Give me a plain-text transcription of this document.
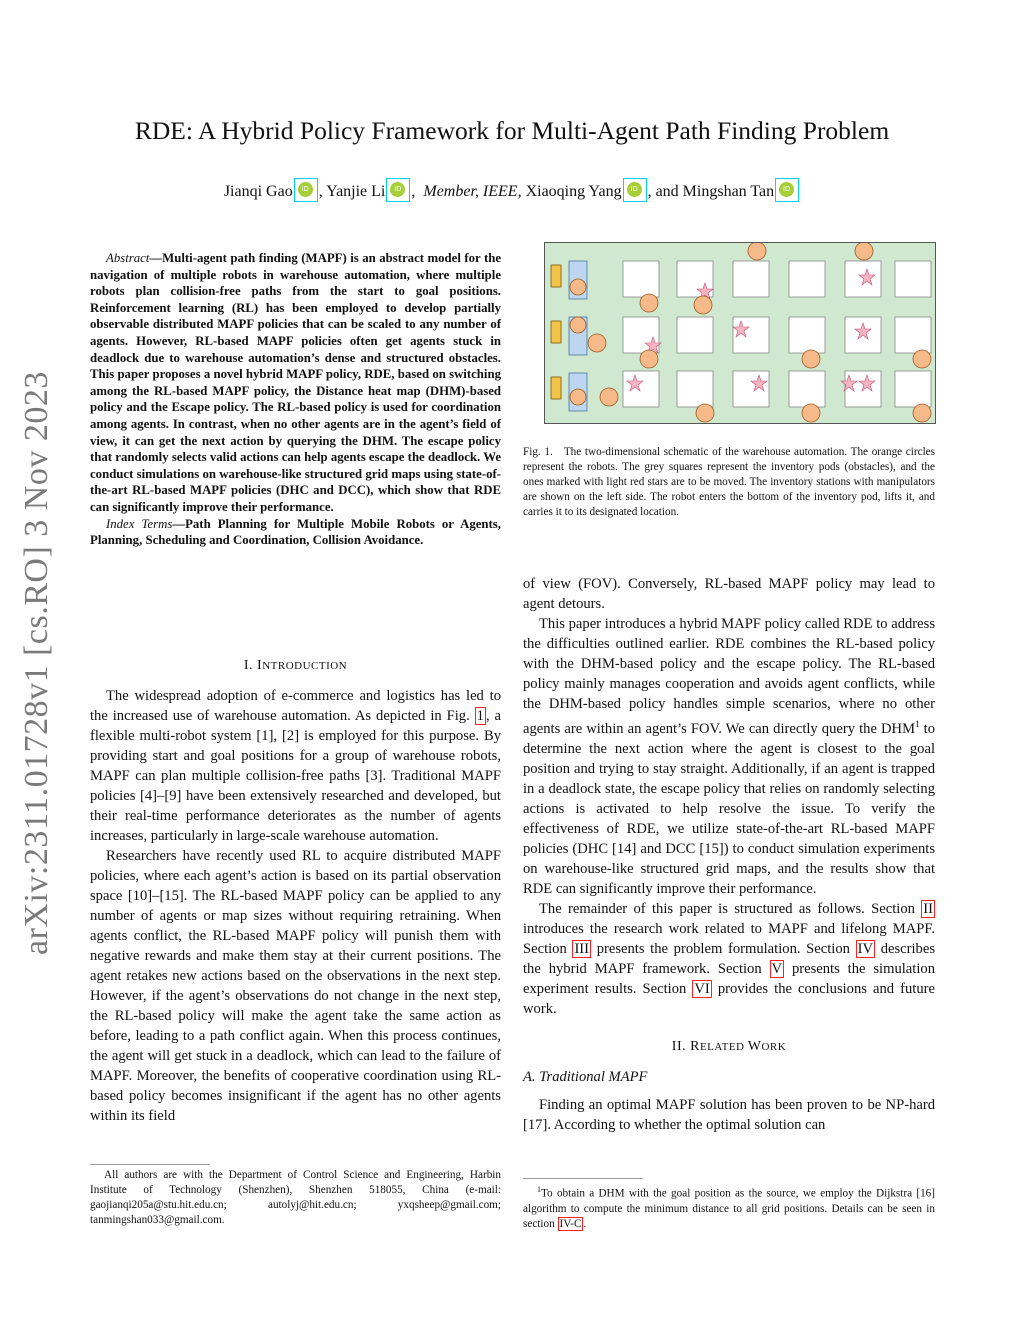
arXiv:2311.01728v1 [cs.RO] 3 Nov 2023
RDE: A Hybrid Policy Framework for Multi-Agent Path Finding Problem
Jianqi Gao iD , Yanjie Li iD ,  Member, IEEE, Xiaoqing Yang iD , and Mingshan TaniD

Abstract—Multi-agent path finding (MAPF) is an abstract model for the navigation of multiple robots in warehouse automation, where multiple robots plan collision-free paths from the start to goal positions. Reinforcement learning (RL) has been employed to develop partially observable distributed MAPF policies that can be scaled to any number of agents. However, RL-based MAPF policies often get agents stuck in deadlock due to warehouse automation’s dense and structured obstacles. This paper proposes a novel hybrid MAPF policy, RDE, based on switching among the RL-based MAPF policy, the Distance heat map (DHM)-based policy and the Escape policy. The RL-based policy is used for coordination among agents. In contrast, when no other agents are in the agent’s field of view, it can get the next action by querying the DHM. The escape policy that randomly selects valid actions can help agents escape the deadlock. We conduct simulations on warehouse-like structured grid maps using state-of-the-art RL-based MAPF policies (DHC and DCC), which show that RDE can significantly improve their performance.

Index Terms—Path Planning for Multiple Mobile Robots or Agents, Planning, Scheduling and Coordination, Collision Avoidance.

I. INTRODUCTION

The widespread adoption of e-commerce and logistics has led to the increased use of warehouse automation. As depicted in Fig. 1 , a flexible multi-robot system [1], [2] is employed for this purpose. By providing start and goal positions for a group of warehouse robots, MAPF can plan multiple collision-free paths [3]. Traditional MAPF policies [4]–[9] have been extensively researched and developed, but their real-time performance deteriorates as the number of agents increases, particularly in large-scale warehouse automation.

Researchers have recently used RL to acquire distributed MAPF policies, where each agent’s action is based on its partial observation space [10]–[15]. The RL-based MAPF policy can be applied to any number of agents or map sizes without requiring retraining. When agents conflict, the RL-based MAPF policy will punish them with negative rewards and make them stay at their current positions. The agent retakes new actions based on the observations in the next step. However, if the agent’s observations do not change in the next step, the RL-based policy will make the agent take the same action as before, leading to a path conflict again. When this process continues, the agent will get stuck in a deadlock, which can lead to the failure of MAPF. Moreover, the benefits of cooperative coordination using RL-based policy becomes insignificant if the agent has no other agents within its field

All authors are with the Department of Control Science and Engineering, Harbin Institute of Technology (Shenzhen), Shenzhen 518055, China (e-mail: gaojianqi205a@stu.hit.edu.cn; autolyj@hit.edu.cn; yxqsheep@gmail.com; tanmingshan033@gmail.com.

Fig. 1. The two-dimensional schematic of the warehouse automation. The orange circles represent the robots. The grey squares represent the inventory pods (obstacles), and the ones marked with light red stars are to be moved. The inventory stations with manipulators are shown on the left side. The robot enters the bottom of the inventory pod, lifts it, and carries it to its designated location.

of view (FOV). Conversely, RL-based MAPF policy may lead to agent detours.

This paper introduces a hybrid MAPF policy called RDE to address the difficulties outlined earlier. RDE combines the RL-based policy with the DHM-based policy and the escape policy. The RL-based policy mainly manages cooperation and avoids agent conflicts, while the DHM-based policy handles simple scenarios, where no other agents are within an agent’s FOV. We can directly query the DHM$^1$ to determine the next action where the agent is closest to the goal position and trying to stay straight. Additionally, if an agent is trapped in a deadlock state, the escape policy that relies on randomly selecting actions is activated to help resolve the issue. To verify the effectiveness of RDE, we utilize state-of-the-art RL-based MAPF policies (DHC [14] and DCC [15]) to conduct simulation experiments on warehouse-like structured grid maps, and the results show that RDE can significantly improve their performance.

The remainder of this paper is structured as follows. Section II introduces the research work related to MAPF and lifelong MAPF. Section III presents the problem formulation. Section IV describes the hybrid MAPF framework. Section V presents the simulation experiment results. Section VI provides the conclusions and future work.

II. RELATED WORK

A. Traditional MAPF

Finding an optimal MAPF solution has been proven to be NP-hard [17]. According to whether the optimal solution can

$^1$To obtain a DHM with the goal position as the source, we employ the Dijkstra [16] algorithm to compute the minimum distance to all grid positions. Details can be seen in section IV-C .
